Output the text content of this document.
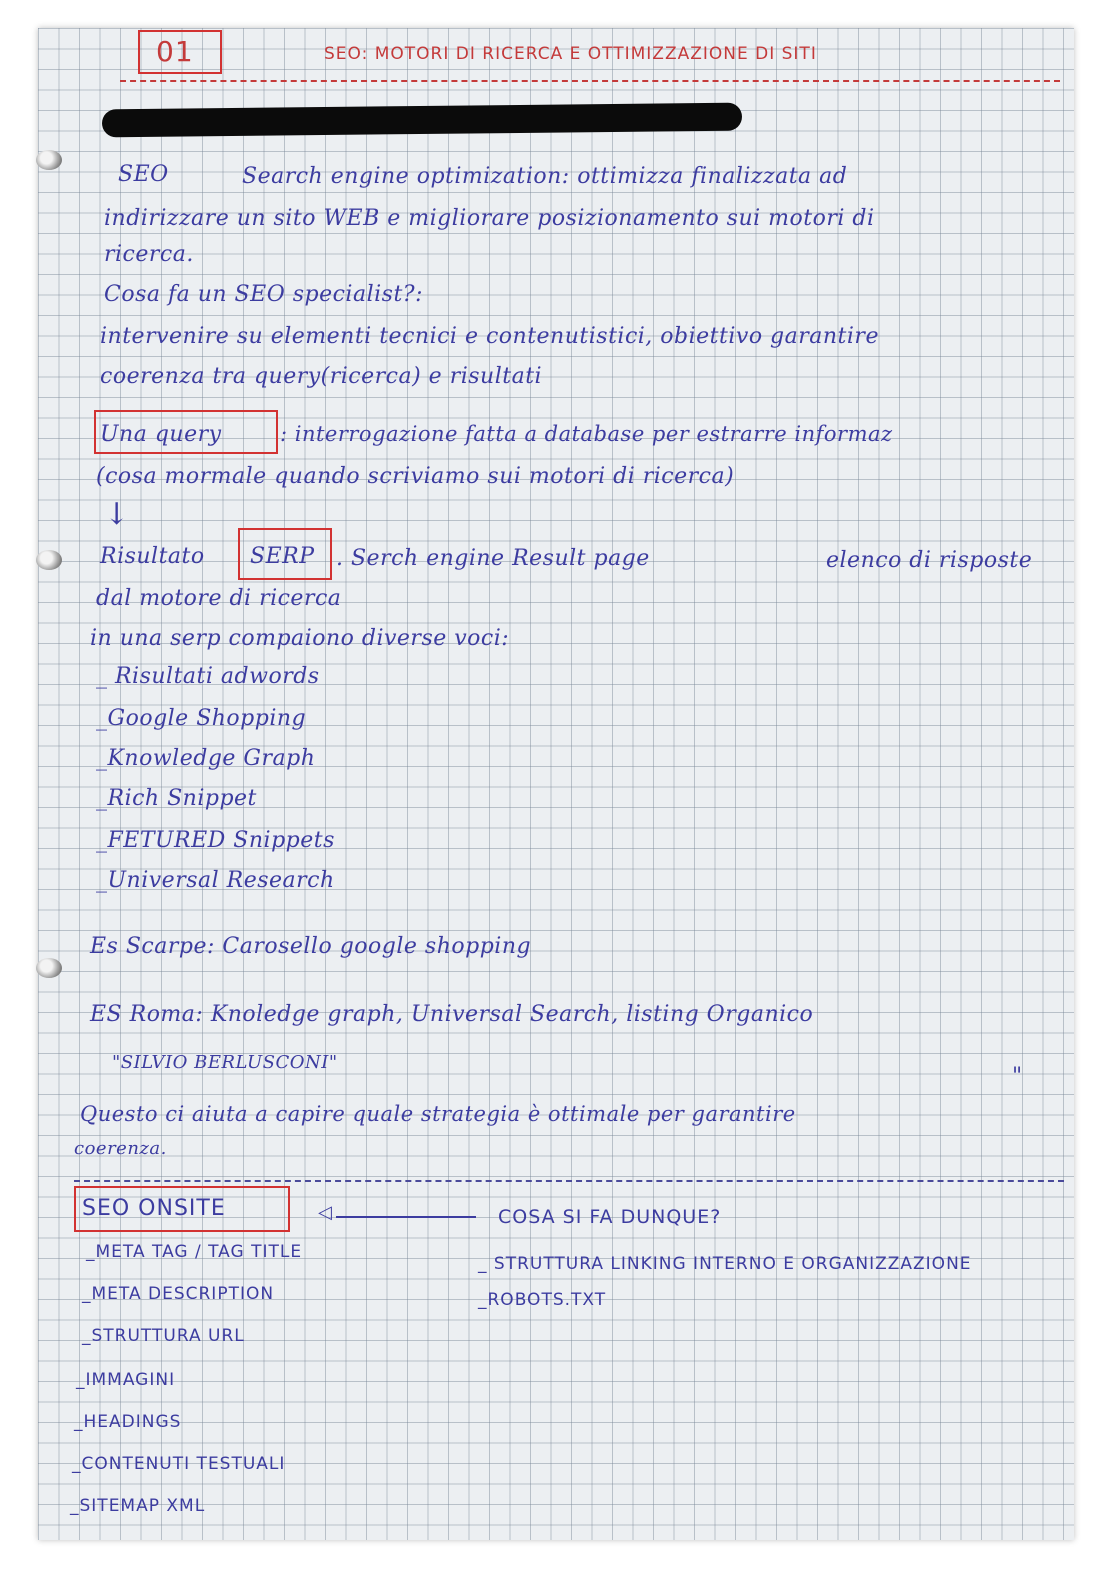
01	SEO: MOTORI DI RICERCA E OTTIMIZZAZIONE DI SITI

SEO	Search engine optimization: ottimizza finalizzata ad

indirizzare un sito WEB e migliorare posizionamento sui motori di

ricerca.

Cosa fa un SEO specialist?:

intervenire su elementi tecnici e contenutistici, obiettivo garantire

coerenza tra query(ricerca) e risultati

Una query	: interrogazione fatta a database per estrarre informaz

(cosa mormale quando scriviamo sui motori di ricerca)

↓

Risultato SERP . Serch engine Result page	elenco di risposte

dal motore di ricerca

in una serp compaiono diverse voci:

_ Risultati adwords

_Google Shopping

_Knowledge Graph

_Rich Snippet

_FETURED Snippets

_Universal Research

Es Scarpe: Carosello google shopping

ES Roma: Knoledge graph, Universal Search, listing Organico

"SILVIO BERLUSCONI"

"

Questo ci aiuta a capire quale strategia è ottimale per garantire

coerenza.

SEO ONSITE	◁	COSA SI FA DUNQUE?

_META TAG / TAG TITLE

_META DESCRIPTION

_STRUTTURA URL

_IMMAGINI

_HEADINGS

_CONTENUTI TESTUALI

_SITEMAP XML

_ STRUTTURA LINKING INTERNO E ORGANIZZAZIONE

_ROBOTS.TXT
